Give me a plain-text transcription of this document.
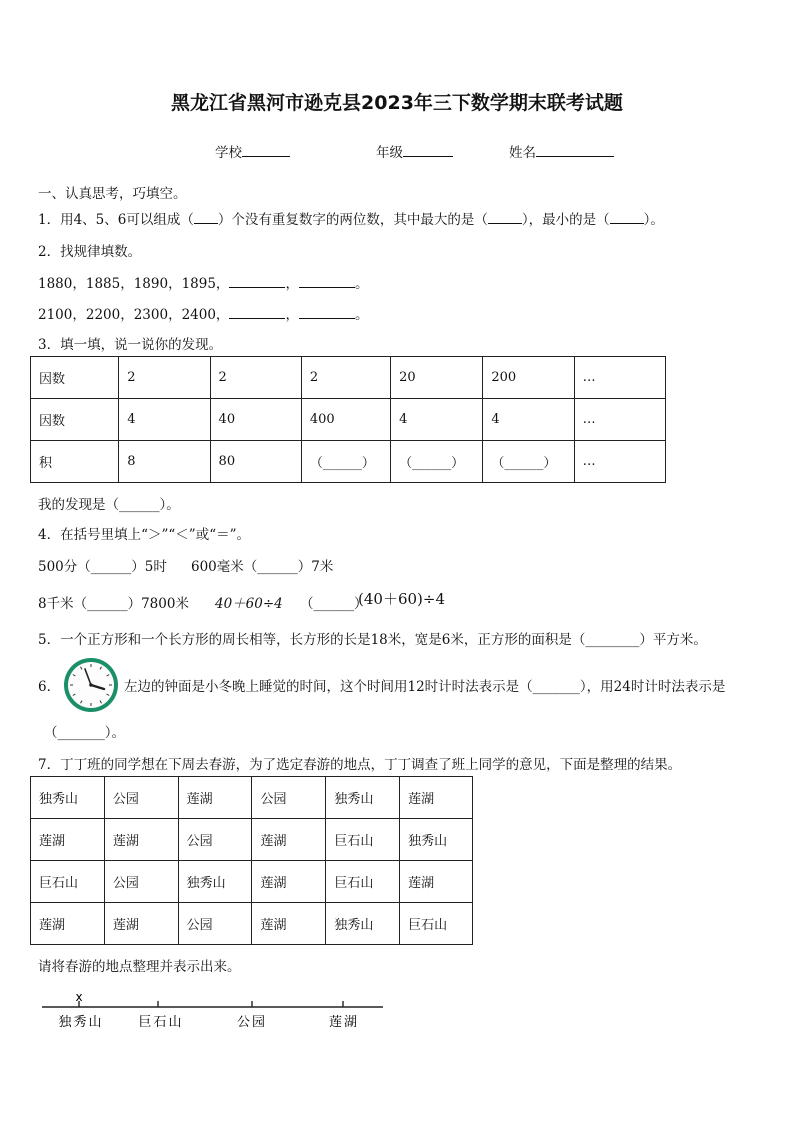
黑龙江省黑河市逊克县2023年三下数学期末联考试题
学校	年级	姓名
一、认真思考，巧填空。
1．用4、5、6可以组成（ ）个没有重复数字的两位数，其中最大的是（	），最小的是（	）。
2．找规律填数。
1880，1885，1890，1895，	，	。
2100，2200，2300，2400，	，	。
3．填一填，说一说你的发现。
因数	2	2	2	20	200	…
因数	4	40	400	4	4	…
积	8	80	（______）	（______）	（______）	…
我的发现是（______）。
4．在括号里填上“＞”“＜”或“＝”。
500分（______）5时 600毫米（______）7米
8千米（______）7800米 40＋60÷4 （______）
(40＋60)÷4
5．一个正方形和一个长方形的周长相等，长方形的长是18米，宽是6米，正方形的面积是（________）平方米。
6．	左边的钟面是小冬晚上睡觉的时间，这个时间用12时计时法表示是（_______），用24时计时法表示是
（_______）。
7．丁丁班的同学想在下周去春游，为了选定春游的地点，丁丁调查了班上同学的意见，下面是整理的结果。
独秀山	公园	莲湖	公园	独秀山	莲湖
莲湖	莲湖	公园	莲湖	巨石山	独秀山
巨石山	公园	独秀山	莲湖	巨石山	莲湖
莲湖	莲湖	公园	莲湖	独秀山	巨石山
请将春游的地点整理并表示出来。
x
独秀山	巨石山	公园	莲湖
